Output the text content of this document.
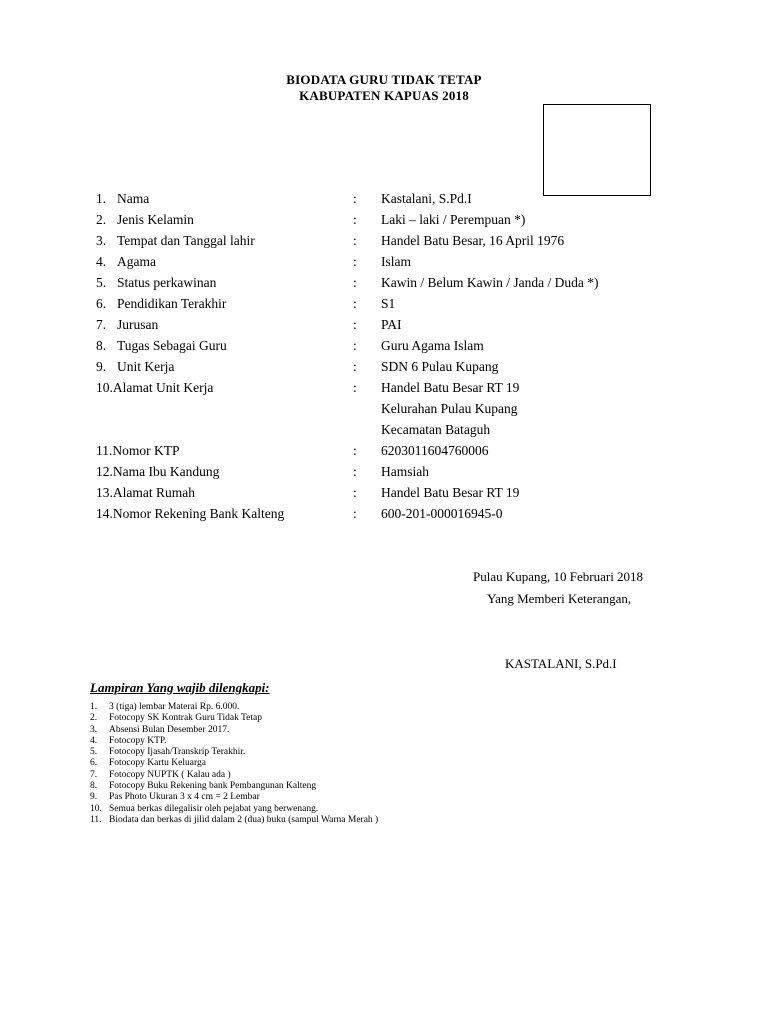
BIODATA GURU TIDAK TETAP
KABUPATEN KAPUAS 2018
1. Nama	: Kastalani, S.Pd.I
2. Jenis Kelamin	: Laki – laki / Perempuan *)
3. Tempat dan Tanggal lahir	: Handel Batu Besar, 16 April 1976
4. Agama	: Islam
5. Status perkawinan	: Kawin / Belum Kawin / Janda / Duda *)
6. Pendidikan Terakhir	: S1
7. Jurusan	: PAI
8. Tugas Sebagai Guru	: Guru Agama Islam
9. Unit Kerja	: SDN 6 Pulau Kupang
10.Alamat Unit Kerja	: Handel Batu Besar RT 19
Kelurahan Pulau Kupang
Kecamatan Bataguh
11.Nomor KTP	: 6203011604760006
12.Nama Ibu Kandung	: Hamsiah
13.Alamat Rumah	: Handel Batu Besar RT 19
14.Nomor Rekening Bank Kalteng	: 600-201-000016945-0
Pulau Kupang, 10 Februari 2018
Yang Memberi Keterangan,
KASTALANI, S.Pd.I
Lampiran Yang wajib dilengkapi:
1. 3 (tiga) lembar Materai Rp. 6.000.
2. Fotocopy SK Kontrak Guru Tidak Tetap
3. Absensi Bulan Desember 2017.
4. Fotocopy KTP.
5. Fotocopy Ijasah/Transkrip Terakhir.
6. Fotocopy Kartu Keluarga
7. Fotocopy NUPTK ( Kalau ada )
8. Fotocopy Buku Rekening bank Pembangunan Kalteng
9. Pas Photo Ukuran 3 x 4 cm = 2 Lembar
10. Semua berkas dilegalisir oleh pejabat yang berwenang.
11. Biodata dan berkas di jilid dalam 2 (dua) buku (sampul Warna Merah )
